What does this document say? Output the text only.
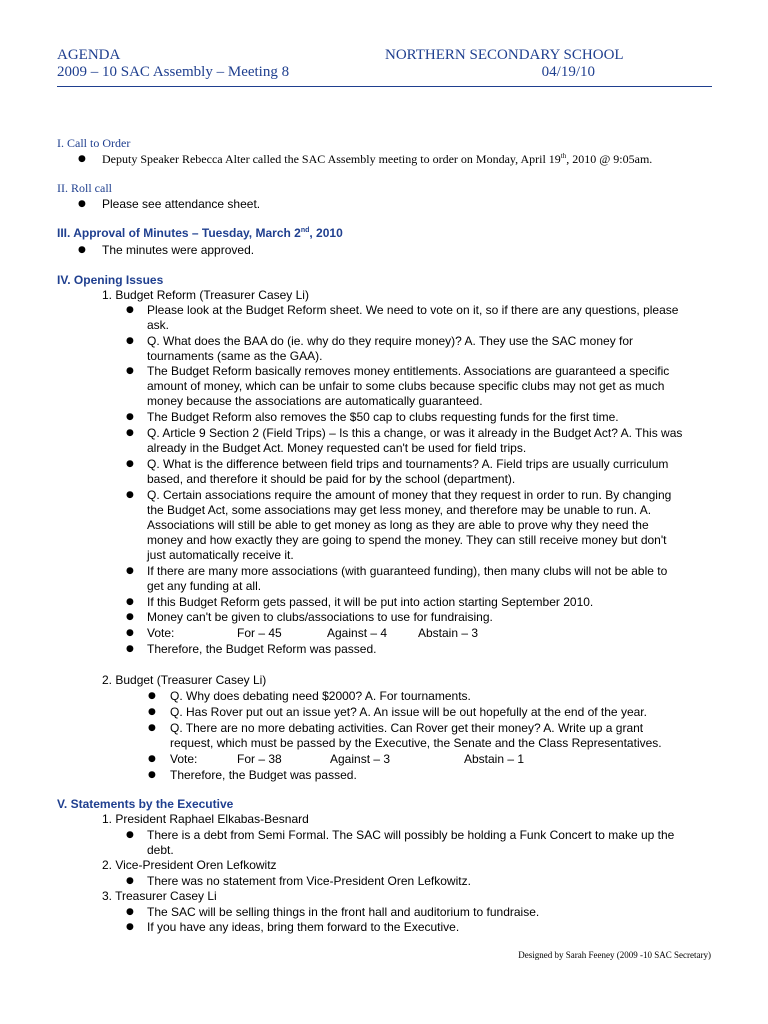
AGENDA
2009 – 10 SAC Assembly – Meeting 8
NORTHERN SECONDARY SCHOOL
04/19/10
I. Call to Order
● Deputy Speaker Rebecca Alter called the SAC Assembly meeting to order on Monday, April 19th, 2010 @ 9:05am.
II. Roll call
● Please see attendance sheet.
III. Approval of Minutes – Tuesday, March 2nd, 2010
● The minutes were approved.
IV. Opening Issues
1. Budget Reform (Treasurer Casey Li)
● Please look at the Budget Reform sheet. We need to vote on it, so if there are any questions, please
ask.
● Q. What does the BAA do (ie. why do they require money)? A. They use the SAC money for
tournaments (same as the GAA).
● The Budget Reform basically removes money entitlements. Associations are guaranteed a specific
amount of money, which can be unfair to some clubs because specific clubs may not get as much
money because the associations are automatically guaranteed.
● The Budget Reform also removes the $50 cap to clubs requesting funds for the first time.
● Q. Article 9 Section 2 (Field Trips) – Is this a change, or was it already in the Budget Act? A. This was
already in the Budget Act. Money requested can't be used for field trips.
● Q. What is the difference between field trips and tournaments? A. Field trips are usually curriculum
based, and therefore it should be paid for by the school (department).
● Q. Certain associations require the amount of money that they request in order to run. By changing
the Budget Act, some associations may get less money, and therefore may be unable to run. A.
Associations will still be able to get money as long as they are able to prove why they need the
money and how exactly they are going to spend the money. They can still receive money but don't
just automatically receive it.
● If there are many more associations (with guaranteed funding), then many clubs will not be able to
get any funding at all.
● If this Budget Reform gets passed, it will be put into action starting September 2010.
● Money can't be given to clubs/associations to use for fundraising.
● Vote:	For – 45	Against – 4	Abstain – 3
● Therefore, the Budget Reform was passed.
2. Budget (Treasurer Casey Li)
● Q. Why does debating need $2000? A. For tournaments.
● Q. Has Rover put out an issue yet? A. An issue will be out hopefully at the end of the year.
● Q. There are no more debating activities. Can Rover get their money? A. Write up a grant
request, which must be passed by the Executive, the Senate and the Class Representatives.
● Vote:	For – 38	Against – 3	Abstain – 1
● Therefore, the Budget was passed.
V. Statements by the Executive
1. President Raphael Elkabas-Besnard
● There is a debt from Semi Formal. The SAC will possibly be holding a Funk Concert to make up the
debt.
2. Vice-President Oren Lefkowitz
● There was no statement from Vice-President Oren Lefkowitz.
3. Treasurer Casey Li
● The SAC will be selling things in the front hall and auditorium to fundraise.
● If you have any ideas, bring them forward to the Executive.
Designed by Sarah Feeney (2009 -10 SAC Secretary)
